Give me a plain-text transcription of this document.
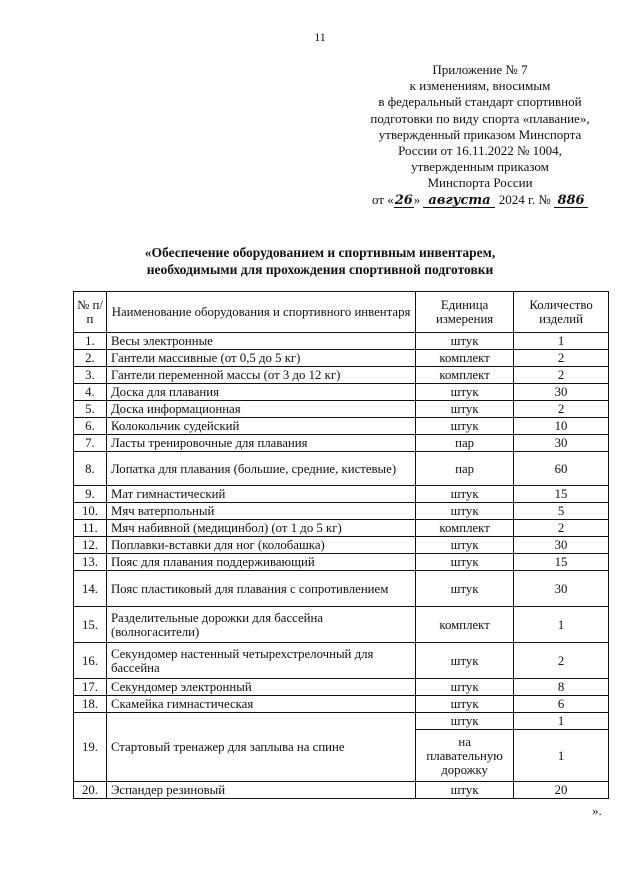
11
Приложение № 7
к изменениям, вносимым
в федеральный стандарт спортивной
подготовки по виду спорта «плавание»,
утвержденный приказом Минспорта
России от 16.11.2022 № 1004,
утвержденным приказом
Минспорта России
от «26» августа 2024 г. № 886
«Обеспечение оборудованием и спортивным инвентарем,
необходимыми для прохождения спортивной подготовки
№ п/п	Наименование оборудования и спортивного инвентаря	Единица измерения	Количество изделий
1.	Весы электронные	штук	1
2.	Гантели массивные (от 0,5 до 5 кг)	комплект	2
3.	Гантели переменной массы (от 3 до 12 кг)	комплект	2
4.	Доска для плавания	штук	30
5.	Доска информационная	штук	2
6.	Колокольчик судейский	штук	10
7.	Ласты тренировочные для плавания	пар	30
8.	Лопатка для плавания (большие, средние, кистевые)	пар	60
9.	Мат гимнастический	штук	15
10.	Мяч ватерпольный	штук	5
11.	Мяч набивной (медицинбол) (от 1 до 5 кг)	комплект	2
12.	Поплавки-вставки для ног (колобашка)	штук	30
13.	Пояс для плавания поддерживающий	штук	15
14.	Пояс пластиковый для плавания с сопротивлением	штук	30
15.	Разделительные дорожки для бассейна (волногасители)	комплект	1
16.	Секундомер настенный четырехстрелочный для бассейна	штук	2
17.	Секундомер электронный	штук	8
18.	Скамейка гимнастическая	штук	6
19.	Стартовый тренажер для заплыва на спине	штук	1
		на плавательную дорожку	1
20.	Эспандер резиновый	штук	20
».
